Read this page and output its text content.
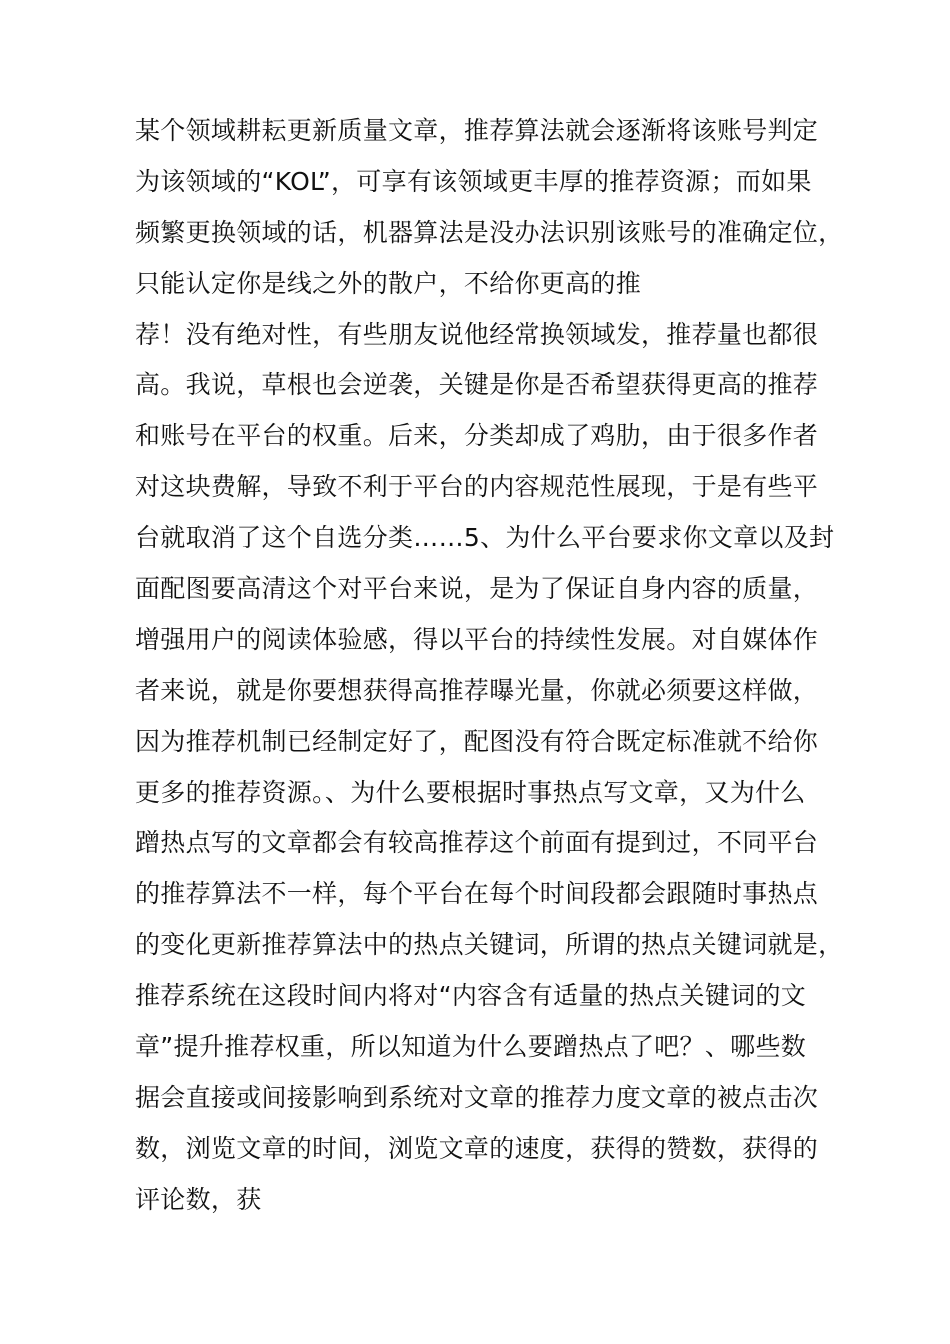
某个领域耕耘更新质量文章，推荐算法就会逐渐将该账号判定
为该领域的“KOL”，可享有该领域更丰厚的推荐资源；而如果
频繁更换领域的话，机器算法是没办法识别该账号的准确定位，
只能认定你是线之外的散户，不给你更高的推
荐！没有绝对性，有些朋友说他经常换领域发，推荐量也都很
高。我说，草根也会逆袭，关键是你是否希望获得更高的推荐
和账号在平台的权重。后来，分类却成了鸡肋，由于很多作者
对这块费解，导致不利于平台的内容规范性展现，于是有些平
台就取消了这个自选分类……5、为什么平台要求你文章以及封
面配图要高清这个对平台来说，是为了保证自身内容的质量，
增强用户的阅读体验感，得以平台的持续性发展。对自媒体作
者来说，就是你要想获得高推荐曝光量，你就必须要这样做，
因为推荐机制已经制定好了，配图没有符合既定标准就不给你
更多的推荐资源。、为什么要根据时事热点写文章，又为什么
蹭热点写的文章都会有较高推荐这个前面有提到过，不同平台
的推荐算法不一样，每个平台在每个时间段都会跟随时事热点
的变化更新推荐算法中的热点关键词，所谓的热点关键词就是，
推荐系统在这段时间内将对“内容含有适量的热点关键词的文
章”提升推荐权重，所以知道为什么要蹭热点了吧？、哪些数
据会直接或间接影响到系统对文章的推荐力度文章的被点击次
数，浏览文章的时间，浏览文章的速度，获得的赞数，获得的
评论数，获
